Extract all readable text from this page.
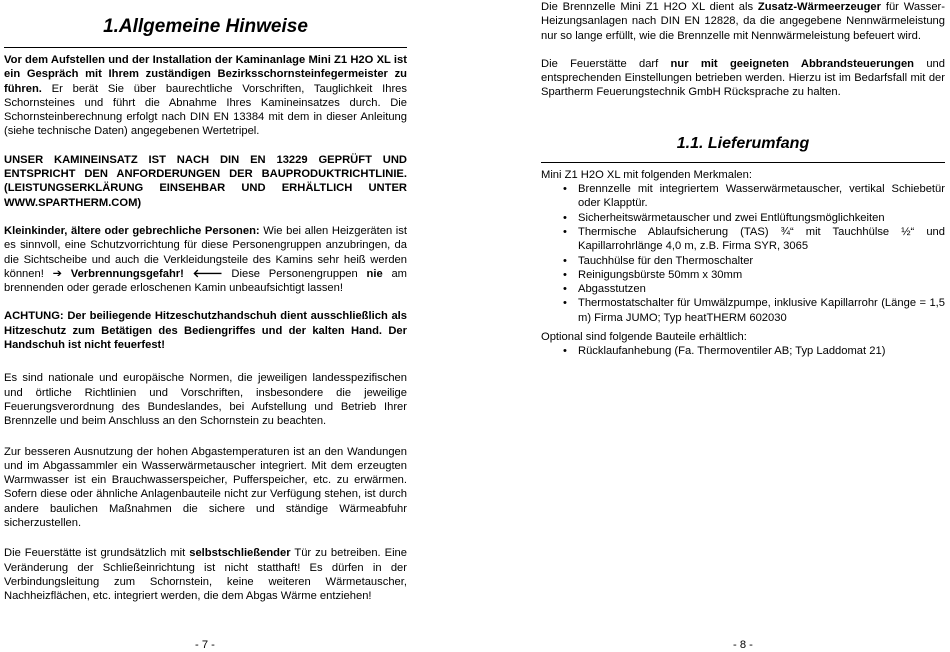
1.Allgemeine Hinweise

Vor dem Aufstellen und der Installation der Kaminanlage Mini Z1 H2O XL ist ein Gespräch mit Ihrem zuständigen Bezirksschornsteinfegermeister zu führen. Er berät Sie über baurechtliche Vorschriften, Tauglichkeit Ihres Schornsteines und führt die Abnahme Ihres Kamineinsatzes durch. Die Schornsteinberechnung erfolgt nach DIN EN 13384 mit dem in dieser Anleitung (siehe technische Daten) angegebenen Wertetripel.

UNSER KAMINEINSATZ IST NACH DIN EN 13229 GEPRÜFT UND ENTSPRICHT DEN ANFORDERUNGEN DER BAUPRODUKTRICHTLINIE. (LEISTUNGSERKLÄRUNG EINSEHBAR UND ERHÄLTLICH UNTER WWW.SPARTHERM.COM)

Kleinkinder, ältere oder gebrechliche Personen: Wie bei allen Heizgeräten ist es sinnvoll, eine Schutzvorrichtung für diese Personengruppen anzubringen, da die Sichtscheibe und auch die Verkleidungsteile des Kamins sehr heiß werden können! ➔ Verbrennungsgefahr! 🡐 Diese Personengruppen nie am brennenden oder gerade erloschenen Kamin unbeaufsichtigt lassen!

ACHTUNG: Der beiliegende Hitzeschutzhandschuh dient ausschließlich als Hitzeschutz zum Betätigen des Bediengriffes und der kalten Hand. Der Handschuh ist nicht feuerfest!

Es sind nationale und europäische Normen, die jeweiligen landesspezifischen und örtliche Richtlinien und Vorschriften, insbesondere die jeweilige Feuerungsverordnung des Bundeslandes, bei Aufstellung und Betrieb Ihrer Brennzelle und beim Anschluss an den Schornstein zu beachten.

Zur besseren Ausnutzung der hohen Abgastemperaturen ist an den Wandungen und im Abgassammler ein Wasserwärmetauscher integriert. Mit dem erzeugten Warmwasser ist ein Brauchwasserspeicher, Pufferspeicher, etc. zu erwärmen. Sofern diese oder ähnliche Anlagenbauteile nicht zur Verfügung stehen, ist durch andere baulichen Maßnahmen die sichere und ständige Wärmeabfuhr sicherzustellen.

Die Feuerstätte ist grundsätzlich mit selbstschließender Tür zu betreiben. Eine Veränderung der Schließeinrichtung ist nicht statthaft! Es dürfen in der Verbindungsleitung zum Schornstein, keine weiteren Wärmetauscher, Nachheizflächen, etc. integriert werden, die dem Abgas Wärme entziehen!

- 7 -

Die Brennzelle Mini Z1 H2O XL dient als Zusatz-Wärmeerzeuger für Wasser-Heizungsanlagen nach DIN EN 12828, da die angegebene Nennwärmeleistung nur so lange erfüllt, wie die Brennzelle mit Nennwärmeleistung befeuert wird.

Die Feuerstätte darf nur mit geeigneten Abbrandsteuerungen und entsprechenden Einstellungen betrieben werden. Hierzu ist im Bedarfsfall mit der Spartherm Feuerungstechnik GmbH Rücksprache zu halten.

1.1. Lieferumfang

Mini Z1 H2O XL mit folgenden Merkmalen:

• Brennzelle mit integriertem Wasserwärmetauscher, vertikal Schiebetür oder Klapptür.
• Sicherheitswärmetauscher und zwei Entlüftungsmöglichkeiten
• Thermische Ablaufsicherung (TAS) ¾“ mit Tauchhülse ½“ und Kapillarrohrlänge 4,0 m, z.B. Firma SYR, 3065
• Tauchhülse für den Thermoschalter
• Reinigungsbürste 50mm x 30mm
• Abgasstutzen
• Thermostatschalter für Umwälzpumpe, inklusive Kapillarrohr (Länge = 1,5 m) Firma JUMO; Typ heatTHERM 602030

Optional sind folgende Bauteile erhältlich:

• Rücklaufanhebung (Fa. Thermoventiler AB; Typ Laddomat 21)
- 8 -
